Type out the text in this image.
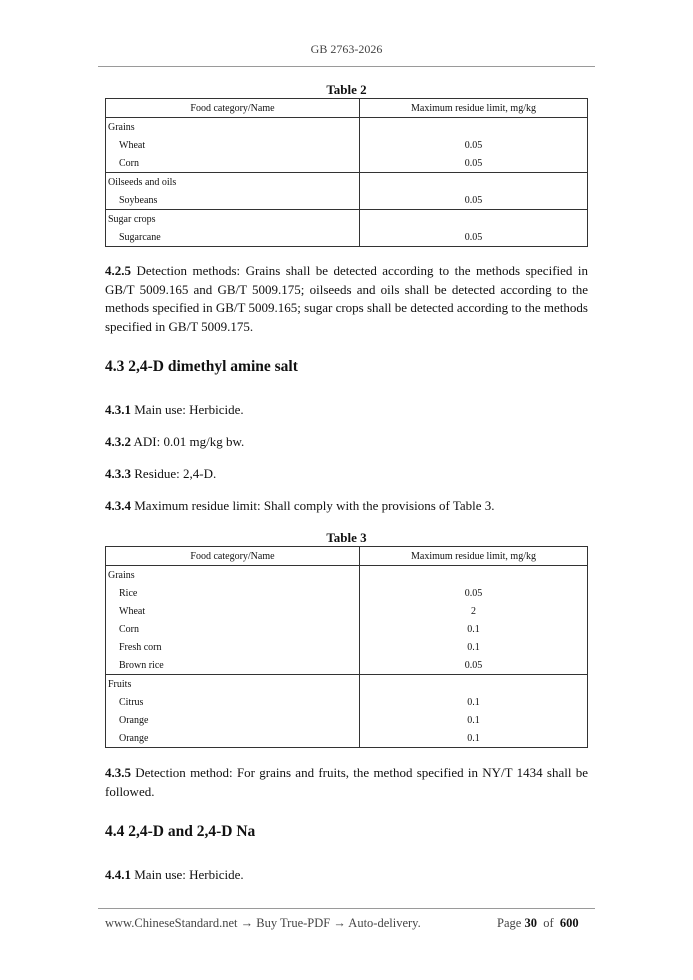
GB 2763-2026
Table 2
Food category/Name	Maximum residue limit, mg/kg
Grains	
Wheat	0.05
Corn	0.05
Oilseeds and oils	
Soybeans	0.05
Sugar crops	
Sugarcane	0.05
4.2.5 Detection methods: Grains shall be detected according to the methods specified in GB/T 5009.165 and GB/T 5009.175; oilseeds and oils shall be detected according to the methods specified in GB/T 5009.165; sugar crops shall be detected according to the methods specified in GB/T 5009.175.
4.3 2,4-D dimethyl amine salt
4.3.1 Main use: Herbicide.
4.3.2 ADI: 0.01 mg/kg bw.
4.3.3 Residue: 2,4-D.
4.3.4 Maximum residue limit: Shall comply with the provisions of Table 3.
Table 3
Food category/Name	Maximum residue limit, mg/kg
Grains	
Rice	0.05
Wheat	2
Corn	0.1
Fresh corn	0.1
Brown rice	0.05
Fruits	
Citrus	0.1
Orange	0.1
Orange	0.1
4.3.5 Detection method: For grains and fruits, the method specified in NY/T 1434 shall be followed.
4.4 2,4-D and 2,4-D Na
4.4.1 Main use: Herbicide.
www.ChineseStandard.net → Buy True-PDF → Auto-delivery.	Page 30 of 600
